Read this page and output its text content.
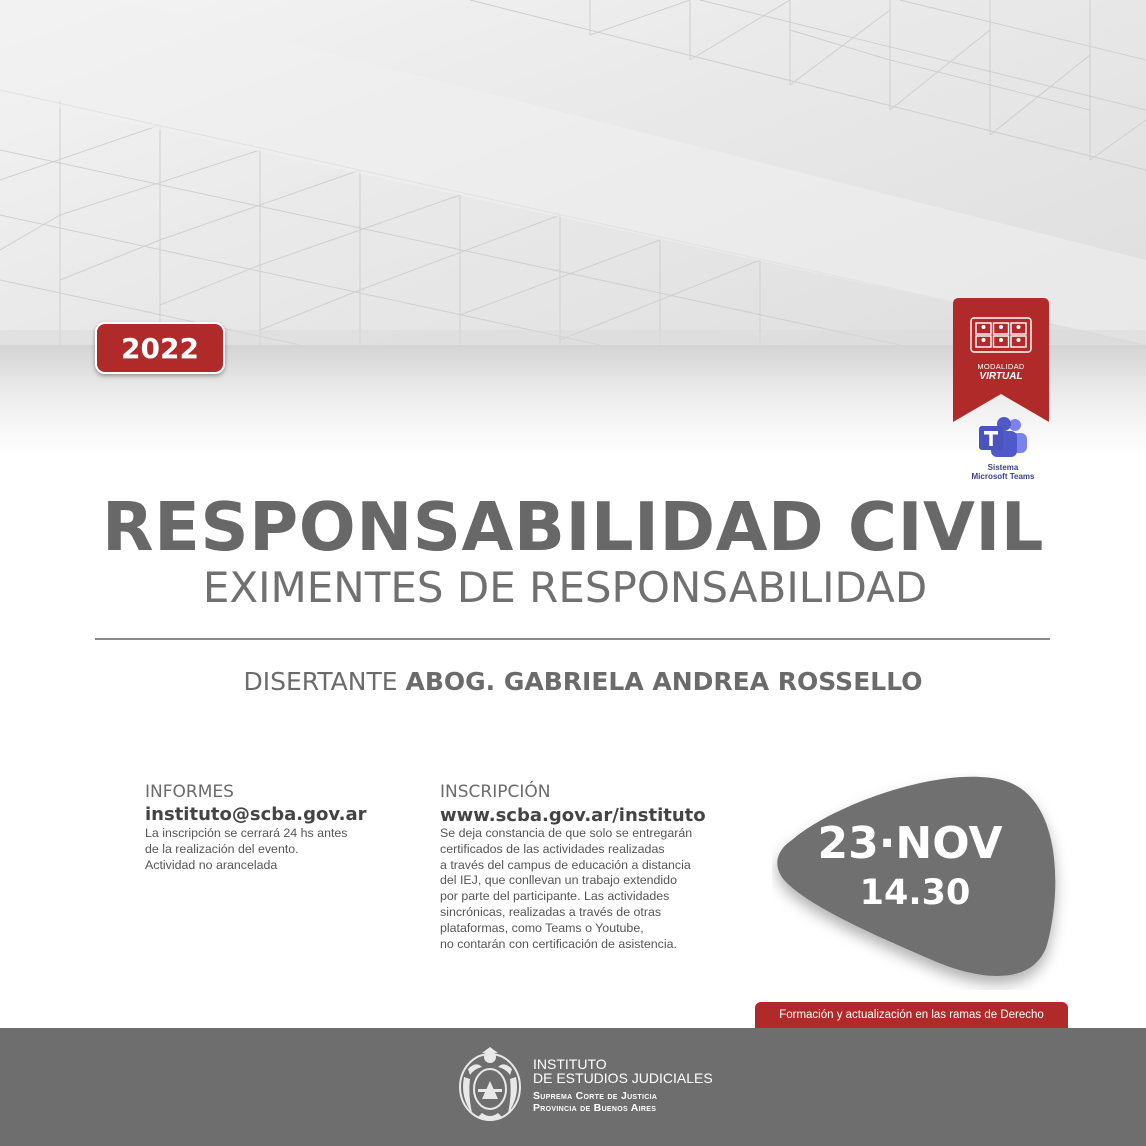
2022
MODALIDAD
VIRTUAL
Sistema
Microsoft Teams
RESPONSABILIDAD CIVIL
EXIMENTES DE RESPONSABILIDAD
DISERTANTE ABOG. GABRIELA ANDREA ROSSELLO
INFORMES
instituto@scba.gov.ar
La inscripción se cerrará 24 hs antes
de la realización del evento.
Actividad no arancelada
INSCRIPCIÓN
www.scba.gov.ar/instituto
Se deja constancia de que solo se entregarán
certificados de las actividades realizadas
a través del campus de educación a distancia
del IEJ, que conllevan un trabajo extendido
por parte del participante. Las actividades
sincrónicas, realizadas a través de otras
plataformas, como Teams o Youtube,
no contarán con certificación de asistencia.
23·NOV
14.30
Formación y actualización en las ramas de Derecho
INSTITUTO
DE ESTUDIOS JUDICIALES
Suprema Corte de Justicia
Provincia de Buenos Aires
